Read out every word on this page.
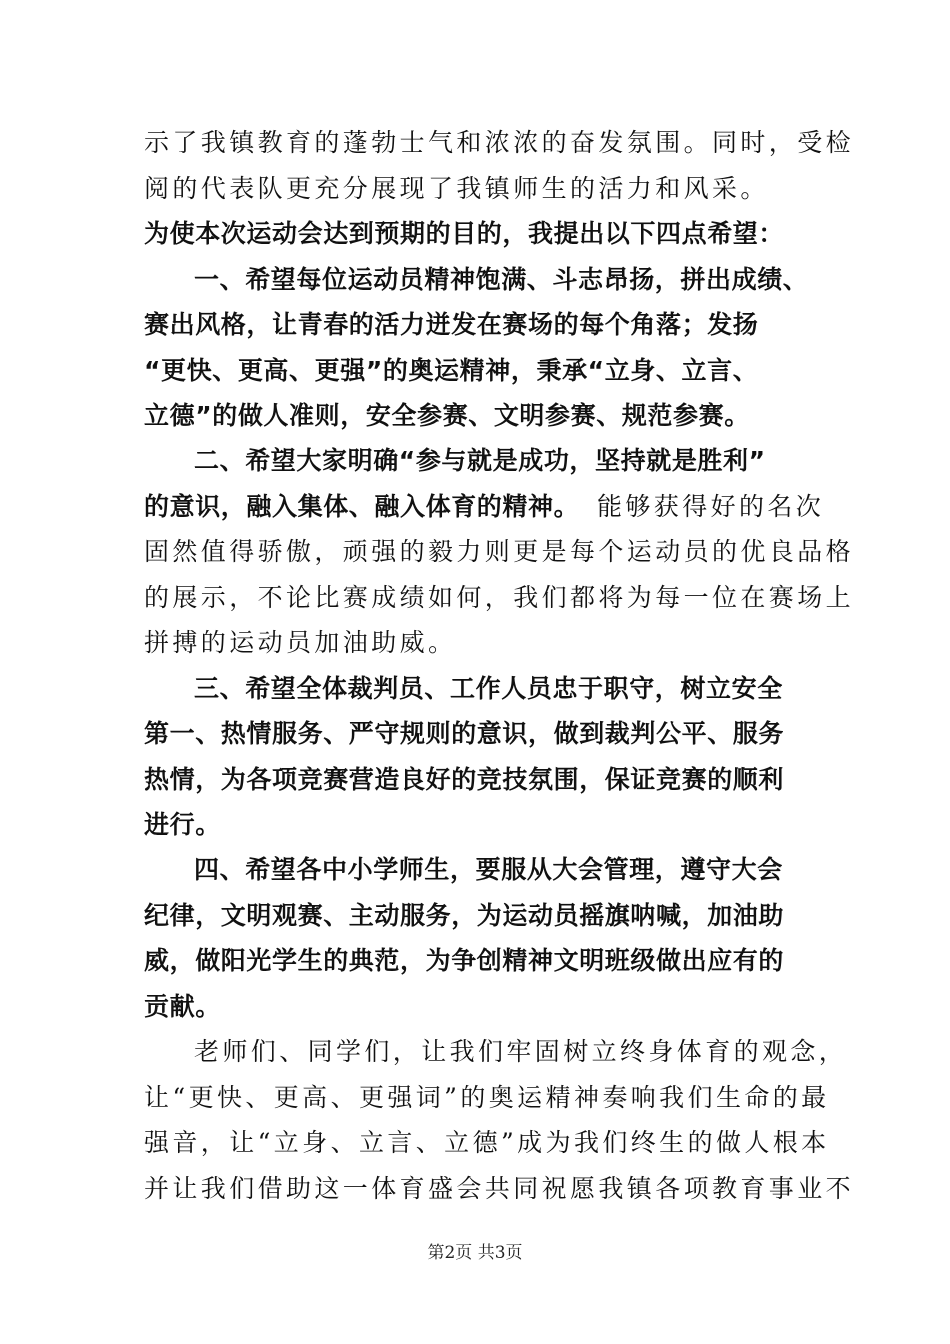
示了我镇教育的蓬勃士气和浓浓的奋发氛围。同时，受检
阅的代表队更充分展现了我镇师生的活力和风采。
为使本次运动会达到预期的目的，我提出以下四点希望：
一、希望每位运动员精神饱满、斗志昂扬，拼出成绩、
赛出风格，让青春的活力迸发在赛场的每个角落；发扬
“更快、更高、更强”的奥运精神，秉承“立身、立言、
立德”的做人准则，安全参赛、文明参赛、规范参赛。
二、希望大家明确“参与就是成功，坚持就是胜利”
的意识，融入集体、融入体育的精神。 能够获得好的名次
固然值得骄傲，顽强的毅力则更是每个运动员的优良品格
的展示，不论比赛成绩如何，我们都将为每一位在赛场上
拼搏的运动员加油助威。
三、希望全体裁判员、工作人员忠于职守，树立安全
第一、热情服务、严守规则的意识，做到裁判公平、服务
热情，为各项竞赛营造良好的竞技氛围，保证竞赛的顺利
进行。
四、希望各中小学师生，要服从大会管理，遵守大会
纪律，文明观赛、主动服务，为运动员摇旗呐喊，加油助
威，做阳光学生的典范，为争创精神文明班级做出应有的
贡献。
老师们、同学们，让我们牢固树立终身体育的观念，
让“更快、更高、更强词”的奥运精神奏响我们生命的最
强音，让“立身、立言、立德”成为我们终生的做人根本
并让我们借助这一体育盛会共同祝愿我镇各项教育事业不
第2页 共3页
